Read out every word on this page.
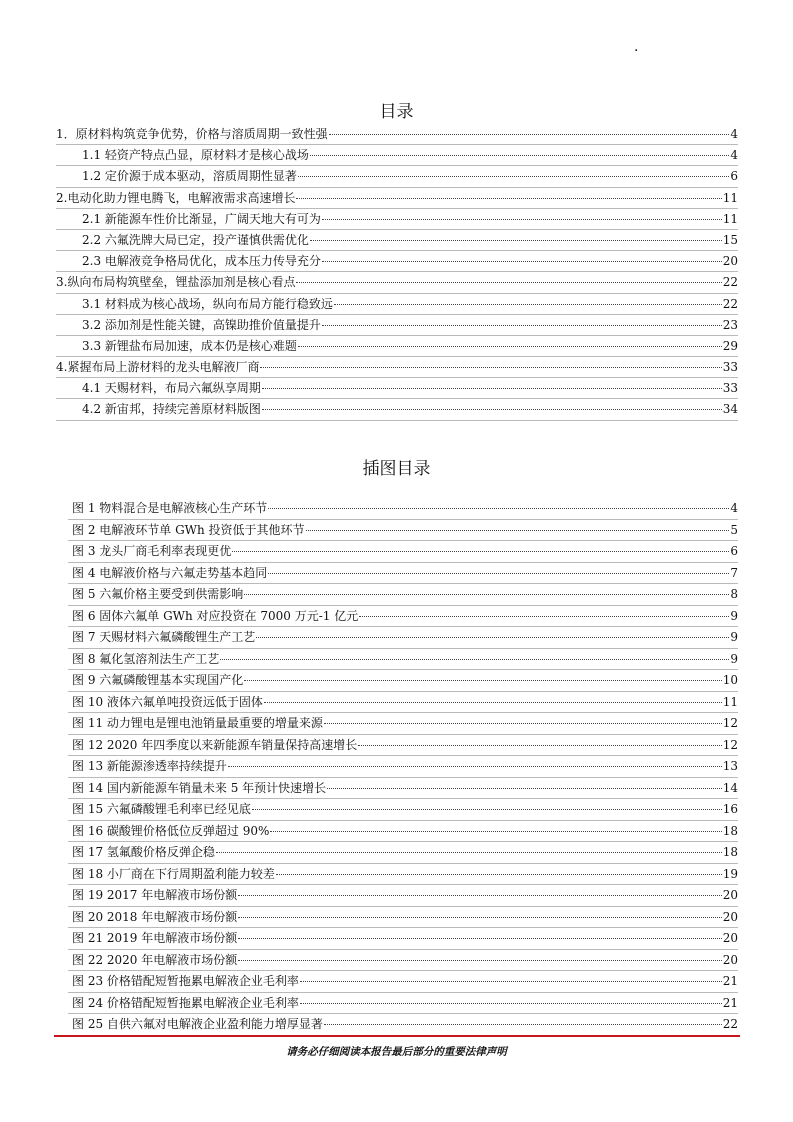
·
目录
1．原材料构筑竞争优势，价格与溶质周期一致性强	4
1.1 轻资产特点凸显，原材料才是核心战场	4
1.2 定价源于成本驱动，溶质周期性显著	6
2.电动化助力锂电腾飞，电解液需求高速增长	11
2.1 新能源车性价比渐显，广阔天地大有可为	11
2.2 六氟洗牌大局已定，投产谨慎供需优化	15
2.3 电解液竞争格局优化，成本压力传导充分	20
3.纵向布局构筑壁垒，锂盐添加剂是核心看点	22
3.1 材料成为核心战场，纵向布局方能行稳致远	22
3.2 添加剂是性能关键，高镍助推价值量提升	23
3.3 新锂盐布局加速，成本仍是核心难题	29
4.紧握布局上游材料的龙头电解液厂商	33
4.1 天赐材料，布局六氟纵享周期	33
4.2 新宙邦，持续完善原材料版图	34
插图目录
图 1 物料混合是电解液核心生产环节	4
图 2 电解液环节单 GWh 投资低于其他环节	5
图 3 龙头厂商毛利率表现更优	6
图 4 电解液价格与六氟走势基本趋同	7
图 5 六氟价格主要受到供需影响	8
图 6 固体六氟单 GWh 对应投资在 7000 万元-1 亿元	9
图 7 天赐材料六氟磷酸锂生产工艺	9
图 8 氟化氢溶剂法生产工艺	9
图 9 六氟磷酸锂基本实现国产化	10
图 10 液体六氟单吨投资远低于固体	11
图 11 动力锂电是锂电池销量最重要的增量来源	12
图 12 2020 年四季度以来新能源车销量保持高速增长	12
图 13 新能源渗透率持续提升	13
图 14 国内新能源车销量未来 5 年预计快速增长	14
图 15 六氟磷酸锂毛利率已经见底	16
图 16 碳酸锂价格低位反弹超过 90%	18
图 17 氢氟酸价格反弹企稳	18
图 18 小厂商在下行周期盈利能力较差	19
图 19 2017 年电解液市场份额	20
图 20 2018 年电解液市场份额	20
图 21 2019 年电解液市场份额	20
图 22 2020 年电解液市场份额	20
图 23 价格错配短暂拖累电解液企业毛利率	21
图 24 价格错配短暂拖累电解液企业毛利率	21
图 25 自供六氟对电解液企业盈利能力增厚显著	22
请务必仔细阅读本报告最后部分的重要法律声明
